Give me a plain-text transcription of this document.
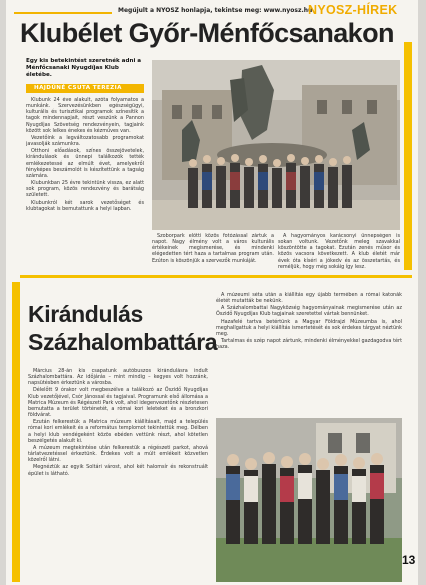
Megújult a NYOSZ honlapja, tekintse meg: www.nyosz.hu
NYOSZ-HÍREK
Klubélet Győr-Ménfőcsanakon
Egy kis betekintést szeretnék adni a Ménfőcsanaki Nyugdíjas Klub életébe.
HAJDÚNÉ CSUTA TEREZIA

Klubunk 24 éve alakult, azóta folyamatos a munkánk. Szervezésünkben egészségügyi, kulturális és turisztikai programok színesítik a tagok mindennapjait, részt veszünk a Pannon Nyugdíjas Szövetség rendezvényein, tagjaink között sok lelkes énekes és kézműves van.

Vezetőink a legváltozatosabb programokat javasolják számunkra.

Otthoni előadások, színes összejövetelek, kirándulások és ünnepi találkozók tették emlékezetessé az elmúlt évet, amelyekről fényképes beszámolót is készítettünk a tagság számára.

Klubunkban 25 évre tekintünk vissza, ez alatt sok program, közös rendezvény és barátság született.

Klubunkról két sarok vezetőséget és klubtagokat is bemutattunk a helyi lapban.

Szoborpark előtti közös fotózással zártuk a napot. Nagy élmény volt a város kulturális értékeinek megismerése, és mindenki elégedetten tért haza a tartalmas program után. Ezúton is köszönjük a szervezők munkáját.

A hagyományos karácsonyi ünnepségen is sokan voltunk. Vezetőnk meleg szavakkal köszöntötte a tagokat. Ezután zenés műsor és közös vacsora következett. A klub életét már évek óta kíséri a jókedv és az összetartás, és reméljük, hogy még sokáig így lesz.

Kirándulás
Százhalombattára

Március 28-án kis csapatunk autóbuszos kirándulásra indult Százhalombattára. Az időjárás – mint mindig – kegyes volt hozzánk, napsütésben érkeztünk a városba.

Délelőtt 9 órakor volt megbeszélve a találkozó az Őszidő Nyugdíjas Klub vezetőjével, Csór Jánossal és tagjaival. Programunk első állomása a Matrica Múzeum és Régészeti Park volt, ahol idegenvezetőnk részletesen bemutatta a terület történetét, a római kori leleteket és a bronzkori földvárat.

Ezután felkerestük a Matrica múzeum kiállításait, majd a település római kori emlékeit és a református templomot tekintettük meg. Délben a helyi klub vendégeként közös ebéden vettünk részt, ahol kötetlen beszélgetés alakult ki.

A múzeum megtekintése után felkerestük a régészeti parkot, ahová tárlatvezetéssel érkeztünk. Érdekes volt a múlt emlékeit közvetlen közelről látni.

Megnéztük az egyik Soltári várost, ahol két halomsír és rekonstruált épület is látható.

A múzeumi séta után a kiállítás egy újabb termében a római katonák életét mutatták be nekünk.

A Százhalombattai Nagyközség hagyományainak megismerése után az Őszidő Nyugdíjas Klub tagjainak szeretettel vártak bennünket.

Hazafelé tartva betértünk a Magyar Földrajzi Múzeumba is, ahol meghallgattuk a helyi kiállítás ismertetését és sok érdekes tárgyat néztünk meg.

Tartalmas és szép napot zártunk, mindenki élményekkel gazdagodva tért haza.

13
